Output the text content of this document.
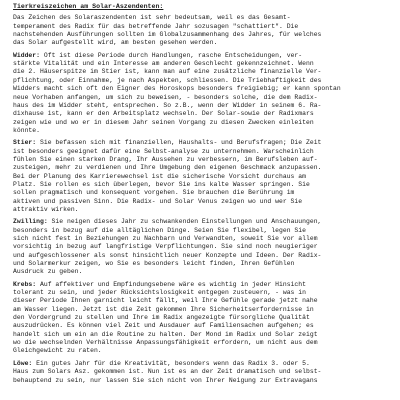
Tierkreiszeichen am Solar-Aszendenten:
Das Zeichen des Solaraszendenten ist sehr bedeutsam, weil es das Gesamt-
temperament des Radix für das betreffende Jahr sozusagen "schattiert". Die
nachstehenden Ausführungen sollten im Globalzusammenhang des Jahres, für welches
das Solar aufgestellt wird, am besten gesehen werden.
Widder: Oft ist diese Periode durch Handlungen, rasche Entscheidungen, ver-
stärkte Vitalität und ein Interesse am anderen Geschlecht gekennzeichnet. Wenn
die 2. Häuserspitze im Stier ist, kann man auf eine zusätzliche finanzielle Ver-
pflichtung, oder Einnahme, je nach Aspekten, schliessen. Die Triebhaftigkeit des
Widders macht sich oft den Eigner des Horoskops besonders freigiebig; er kann spontan
neue Vorhaben anfangen, um sich zu beweisen, - besonders solche, die dem Radix-
haus des im Widder steht, entsprechen. So z.B., wenn der Widder in seinem 6. Ra-
dixhause ist, kann er den Arbeitsplatz wechseln. Der Solar-sowie der Radixmars
zeigen wie und wo er in diesem Jahr seinen Vorgang zu diesen Zwecken einleiten
könnte.
Stier: Sie befassen sich mit finanziellen, Haushalts- und Berufsfragen; Die Zeit
ist besonders geeignet dafür eine Selbst-analyse zu unternehmen. Warscheinlich
fühlen Sie einen starken Drang, Ihr Aussehen zu verbessern, im Berufsleben auf-
zusteigen, mehr zu verdienen und Ihre Umgebung den eigenen Geschmack anzupassen.
Bei der Planung des Karrierewechsel ist die sicherische Vorsicht durchaus am
Platz. Sie rollen es sich überlegen, bevor Sie ins kalte Wasser springen. Sie
sollen pragmatisch und konsequent vorgehen. Sie brauchen die Berührung im
aktiven und passiven Sinn. Die Radix- und Solar Venus zeigen wo und wer Sie
attraktiv wirken.
Zwilling: Sie neigen dieses Jahr zu schwankenden Einstellungen und Anschauungen,
besonders in bezug auf die alltäglichen Dinge. Seien Sie flexibel, legen Sie
sich nicht fest in Beziehungen zu Nachbarn und Verwandten, soweit Sie vor allem
vorsichtig in bezug auf langfristige Verpflichtungen. Sie sind noch neugieriger
und aufgeschlossener als sonst hinsichtlich neuer Konzepte und Ideen. Der Radix-
und Solarmerkur zeigen, wo Sie es besonders leicht finden, Ihren Gefühlen
Ausdruck zu geben.
Krebs: Auf affektiver und Empfindungsebene wäre es wichtig in jeder Hinsicht
tolerant zu sein, und jeder Rücksichtslosigkeit entgegen zusteuern, - was in
dieser Periode Ihnen garnicht leicht fällt, weil Ihre Gefühle gerade jetzt nahe
am Wasser liegen. Jetzt ist die Zeit gekommen Ihre Sicherheitserfordernisse in
den Vordergrund zu stellen und Ihre im Radix angezeigte fürsorgliche Qualität
auszudrücken. Es können viel Zeit und Ausdauer auf Familiensachen aufgehen; es
handelt sich um ein an die Routine zu halten. Der Mond im Radix und Solar zeigt
wo die wechselnden Verhältnisse Anpassungsfähigkeit erfordern, um nicht aus dem
Gleichgewicht zu raten.
Löwe: Ein gutes Jahr für die Kreativität, besonders wenn das Radix 3. oder 5.
Haus zum Solars Asz. gekommen ist. Nun ist es an der Zeit dramatisch und selbst-
behauptend zu sein, nur lassen Sie sich nicht von Ihrer Neigung zur Extravagans
